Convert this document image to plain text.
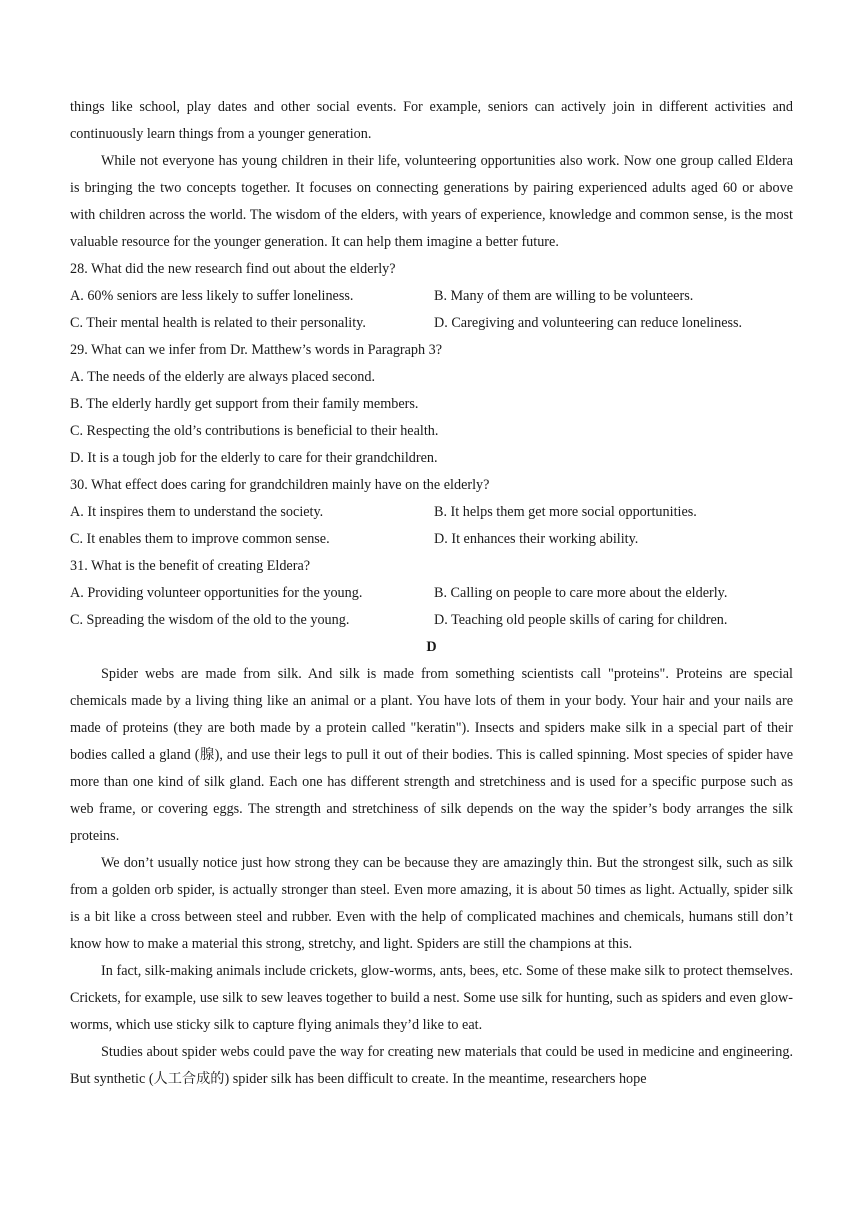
things like school, play dates and other social events. For example, seniors can actively join in different activities and continuously learn things from a younger generation.

While not everyone has young children in their life, volunteering opportunities also work. Now one group called Eldera is bringing the two concepts together. It focuses on connecting generations by pairing experienced adults aged 60 or above with children across the world. The wisdom of the elders, with years of experience, knowledge and common sense, is the most valuable resource for the younger generation. It can help them imagine a better future.

28. What did the new research find out about the elderly?
A. 60% seniors are less likely to suffer loneliness.	B. Many of them are willing to be volunteers.
C. Their mental health is related to their personality.	D. Caregiving and volunteering can reduce loneliness.
29. What can we infer from Dr. Matthew’s words in Paragraph 3?
A. The needs of the elderly are always placed second.
B. The elderly hardly get support from their family members.
C. Respecting the old’s contributions is beneficial to their health.
D. It is a tough job for the elderly to care for their grandchildren.
30. What effect does caring for grandchildren mainly have on the elderly?
A. It inspires them to understand the society.	B. It helps them get more social opportunities.
C. It enables them to improve common sense.	D. It enhances their working ability.
31. What is the benefit of creating Eldera?
A. Providing volunteer opportunities for the young.	B. Calling on people to care more about the elderly.
C. Spreading the wisdom of the old to the young.	D. Teaching old people skills of caring for children.
D

Spider webs are made from silk. And silk is made from something scientists call "proteins". Proteins are special chemicals made by a living thing like an animal or a plant. You have lots of them in your body. Your hair and your nails are made of proteins (they are both made by a protein called "keratin"). Insects and spiders make silk in a special part of their bodies called a gland (腺), and use their legs to pull it out of their bodies. This is called spinning. Most species of spider have more than one kind of silk gland. Each one has different strength and stretchiness and is used for a specific purpose such as web frame, or covering eggs. The strength and stretchiness of silk depends on the way the spider’s body arranges the silk proteins.

We don’t usually notice just how strong they can be because they are amazingly thin. But the strongest silk, such as silk from a golden orb spider, is actually stronger than steel. Even more amazing, it is about 50 times as light. Actually, spider silk is a bit like a cross between steel and rubber. Even with the help of complicated machines and chemicals, humans still don’t know how to make a material this strong, stretchy, and light. Spiders are still the champions at this.

In fact, silk-making animals include crickets, glow-worms, ants, bees, etc. Some of these make silk to protect themselves. Crickets, for example, use silk to sew leaves together to build a nest. Some use silk for hunting, such as spiders and even glow-worms, which use sticky silk to capture flying animals they’d like to eat.

Studies about spider webs could pave the way for creating new materials that could be used in medicine and engineering. But synthetic (人工合成的) spider silk has been difficult to create. In the meantime, researchers hope
